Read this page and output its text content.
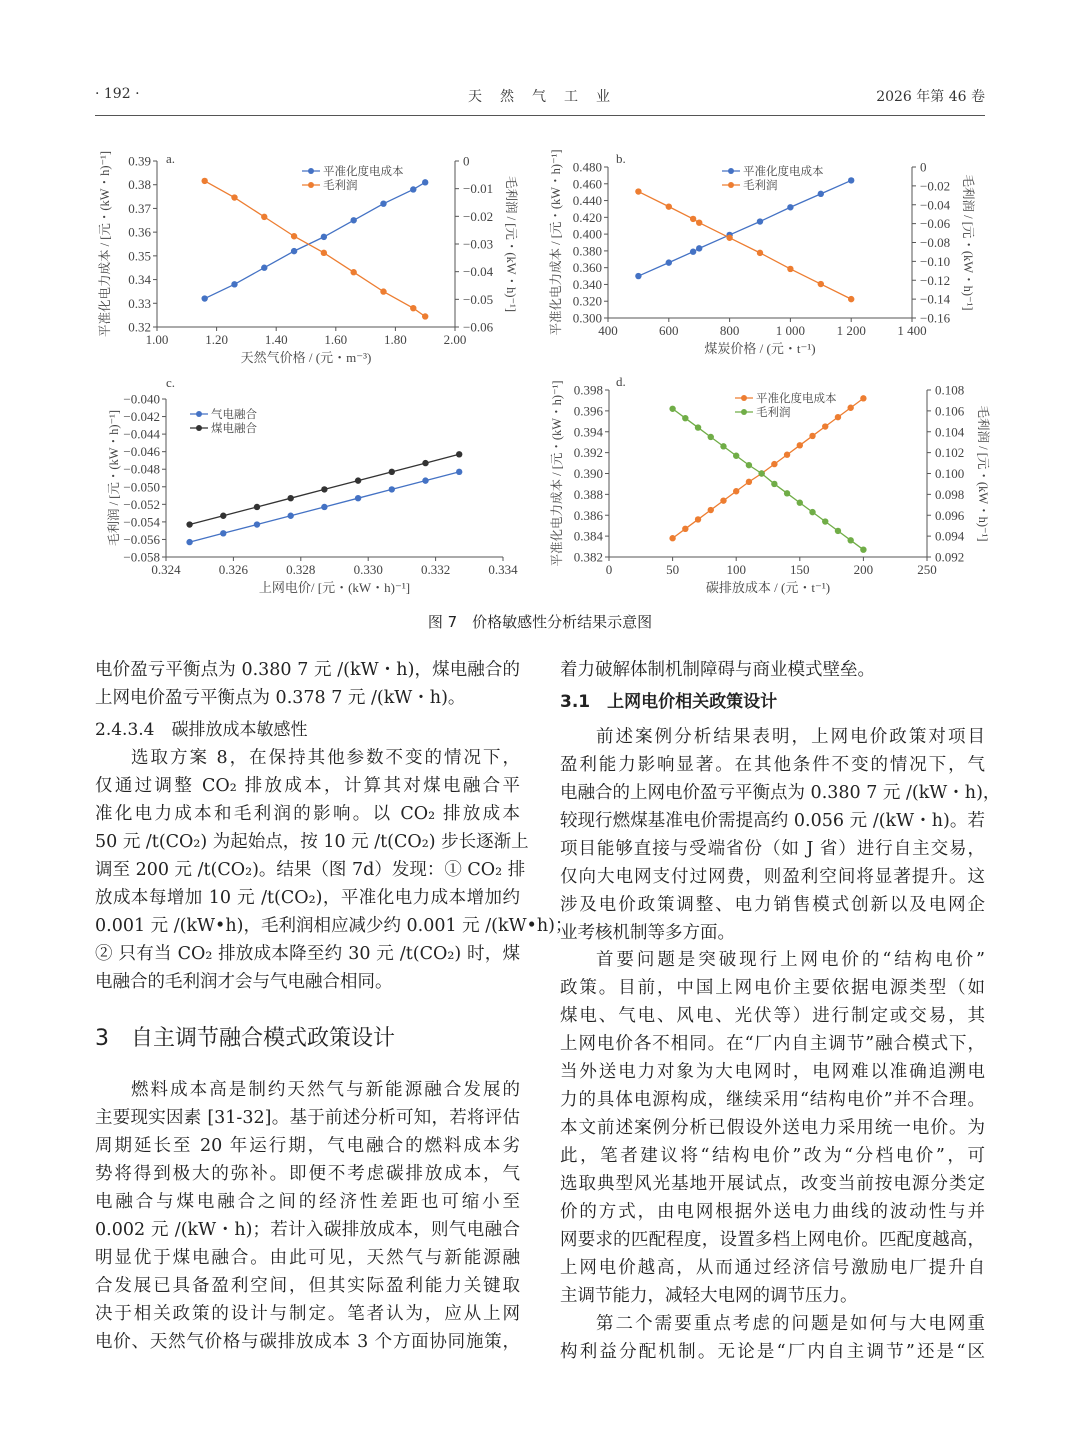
· 192 ·	天　然　气　工　业	2026 年第 46 卷
1.00	1.20	1.40	1.60	1.80	2.00
0.32
0.33
0.34
0.35
0.36
0.37
0.38
0.39
−0.06
−0.05
−0.04
−0.03
−0.02
−0.01
0
a.
天然气价格 / (元・m⁻³)
平准化电力成本 / [元・(kW・h)⁻¹]	毛利润 / [元・(kW・h)⁻¹]
平准化度电成本
毛利润
400	600	800	1 000 1 200 1 400
0.300
0.320
0.340
0.360
0.380
0.400
0.420
0.440
0.460
0.480
−0.16
−0.14
−0.12
−0.10
−0.08
−0.06
−0.04
−0.02
0
b.
煤炭价格 / (元・t⁻¹)
平准化电力成本 / [元・(kW・h)⁻¹]	毛利润 / [元・(kW・h)⁻¹]
平准化度电成本
毛利润
0.324	0.326	0.328	0.330	0.332	0.334
−0.058
−0.056
−0.054
−0.052
−0.050
−0.048
−0.046
−0.044
−0.042
−0.040
c.
上网电价/ [元・(kW・h)⁻¹]
毛利润 / [元・(kW・h)⁻¹]	气电融合
煤电融合
0	50	100	150	200	250
0.382
0.384
0.386
0.388
0.390
0.392
0.394
0.396
0.398
0.092
0.094
0.096
0.098
0.100
0.102
0.104
0.106
0.108
d.
碳排放成本 / (元・t⁻¹)
平准化电力成本 / [元・(kW・h)⁻¹]	毛利润 / [元・(kW・h)⁻¹]
平准化度电成本
毛利润
图 7　价格敏感性分析结果示意图
电价盈亏平衡点为 0.380 7 元 /(kW・h)，煤电融合的
上网电价盈亏平衡点为 0.378 7 元 /(kW・h)。
2.4.3.4　碳排放成本敏感性
选取方案 8，在保持其他参数不变的情况下，
仅通过调整 CO₂ 排放成本，计算其对煤电融合平
准化电力成本和毛利润的影响。以 CO₂ 排放成本
50 元 /t(CO₂) 为起始点，按 10 元 /t(CO₂) 步长逐渐上
调至 200 元 /t(CO₂)。结果（图 7d）发现：① CO₂ 排
放成本每增加 10 元 /t(CO₂)，平准化电力成本增加约
0.001 元 /(kW•h)，毛利润相应减少约 0.001 元 /(kW•h)；
② 只有当 CO₂ 排放成本降至约 30 元 /t(CO₂) 时，煤
电融合的毛利润才会与气电融合相同。
3　自主调节融合模式政策设计
燃料成本高是制约天然气与新能源融合发展的
主要现实因素 [31-32]。基于前述分析可知，若将评估
周期延长至 20 年运行期，气电融合的燃料成本劣
势将得到极大的弥补。即便不考虑碳排放成本，气
电融合与煤电融合之间的经济性差距也可缩小至
0.002 元 /(kW・h)；若计入碳排放成本，则气电融合
明显优于煤电融合。由此可见，天然气与新能源融
合发展已具备盈利空间，但其实际盈利能力关键取
决于相关政策的设计与制定。笔者认为，应从上网
电价、天然气价格与碳排放成本 3 个方面协同施策，
着力破解体制机制障碍与商业模式壁垒。
3.1　上网电价相关政策设计
前述案例分析结果表明，上网电价政策对项目
盈利能力影响显著。在其他条件不变的情况下，气
电融合的上网电价盈亏平衡点为 0.380 7 元 /(kW・h)，
较现行燃煤基准电价需提高约 0.056 元 /(kW・h)。若
项目能够直接与受端省份（如 J 省）进行自主交易，
仅向大电网支付过网费，则盈利空间将显著提升。这
涉及电价政策调整、电力销售模式创新以及电网企
业考核机制等多方面。
首要问题是突破现行上网电价的“结构电价”
政策。目前，中国上网电价主要依据电源类型（如
煤电、气电、风电、光伏等）进行制定或交易，其
上网电价各不相同。在“厂内自主调节”融合模式下，
当外送电力对象为大电网时，电网难以准确追溯电
力的具体电源构成，继续采用“结构电价”并不合理。
本文前述案例分析已假设外送电力采用统一电价。为
此，笔者建议将“结构电价”改为“分档电价”，可
选取典型风光基地开展试点，改变当前按电源分类定
价的方式，由电网根据外送电力曲线的波动性与并
网要求的匹配程度，设置多档上网电价。匹配度越高，
上网电价越高，从而通过经济信号激励电厂提升自
主调节能力，减轻大电网的调节压力。
第二个需要重点考虑的问题是如何与大电网重
构利益分配机制。无论是“厂内自主调节”还是“区
